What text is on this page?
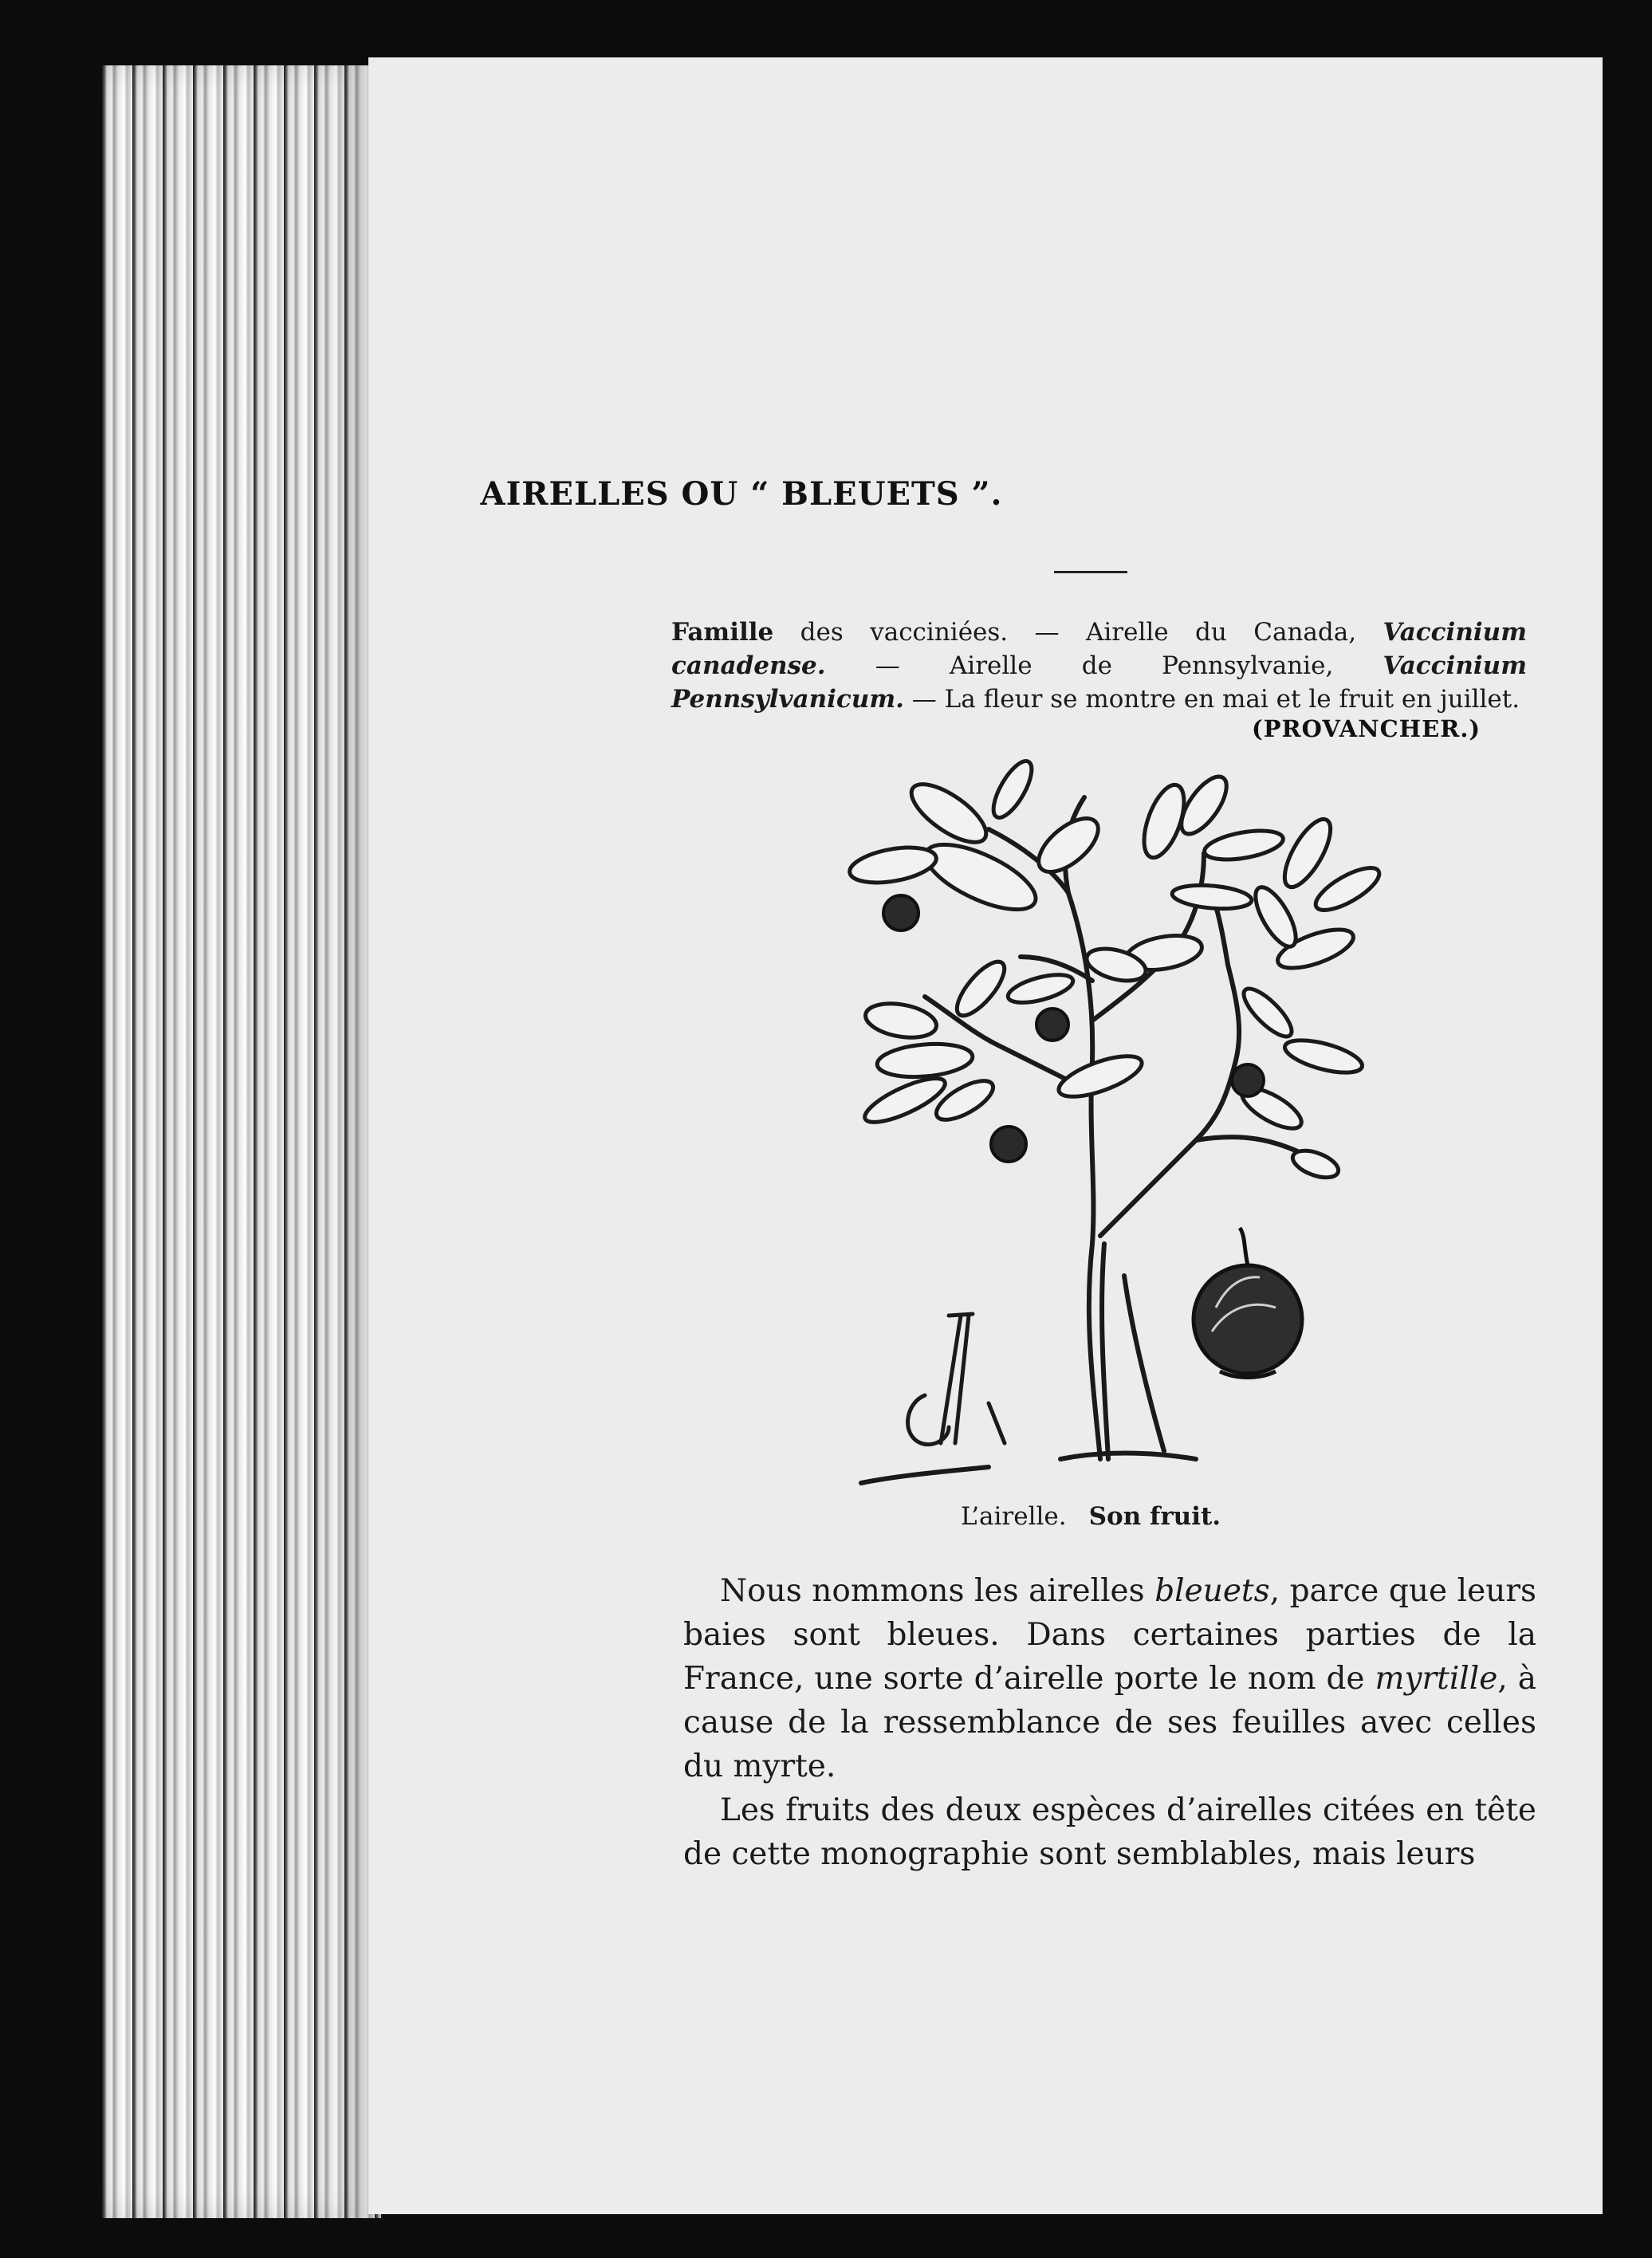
AIRELLES OU “ BLEUETS ”.

Famille des vacciniées. — Airelle du Canada, Vaccinium canadense. — Airelle de Pennsylvanie, Vaccinium Pennsylvanicum. — La fleur se montre en mai et le fruit en juillet.

(PROVANCHER.)

L’airelle. Son fruit.

Nous nommons les airelles bleuets, parce que leurs baies sont bleues. Dans certaines parties de la France, une sorte d’airelle porte le nom de myrtille, à cause de la ressemblance de ses feuilles avec celles du myrte.

Les fruits des deux espèces d’airelles citées en tête de cette monographie sont semblables, mais leurs
